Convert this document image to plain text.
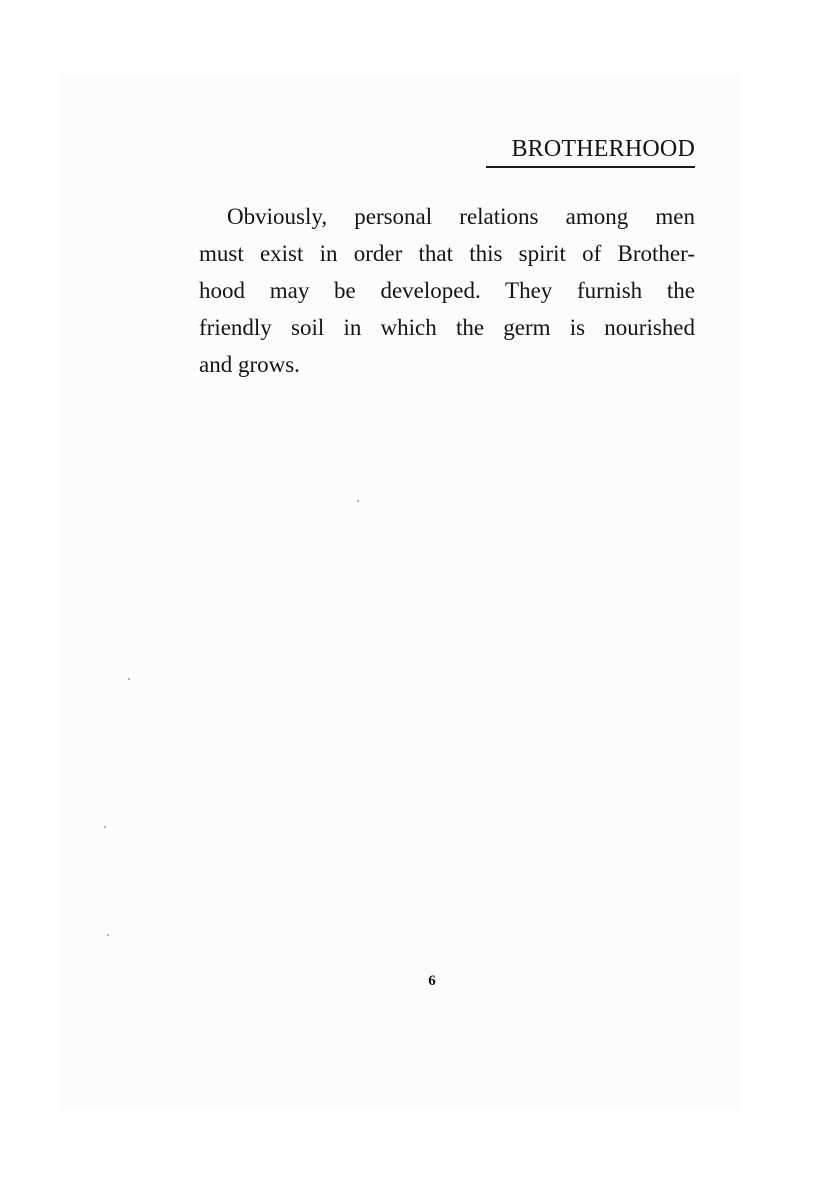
BROTHERHOOD

Obviously, personal relations among men
must exist in order that this spirit of Brother-
hood may be developed. They furnish the
friendly soil in which the germ is nourished
and grows.

6
